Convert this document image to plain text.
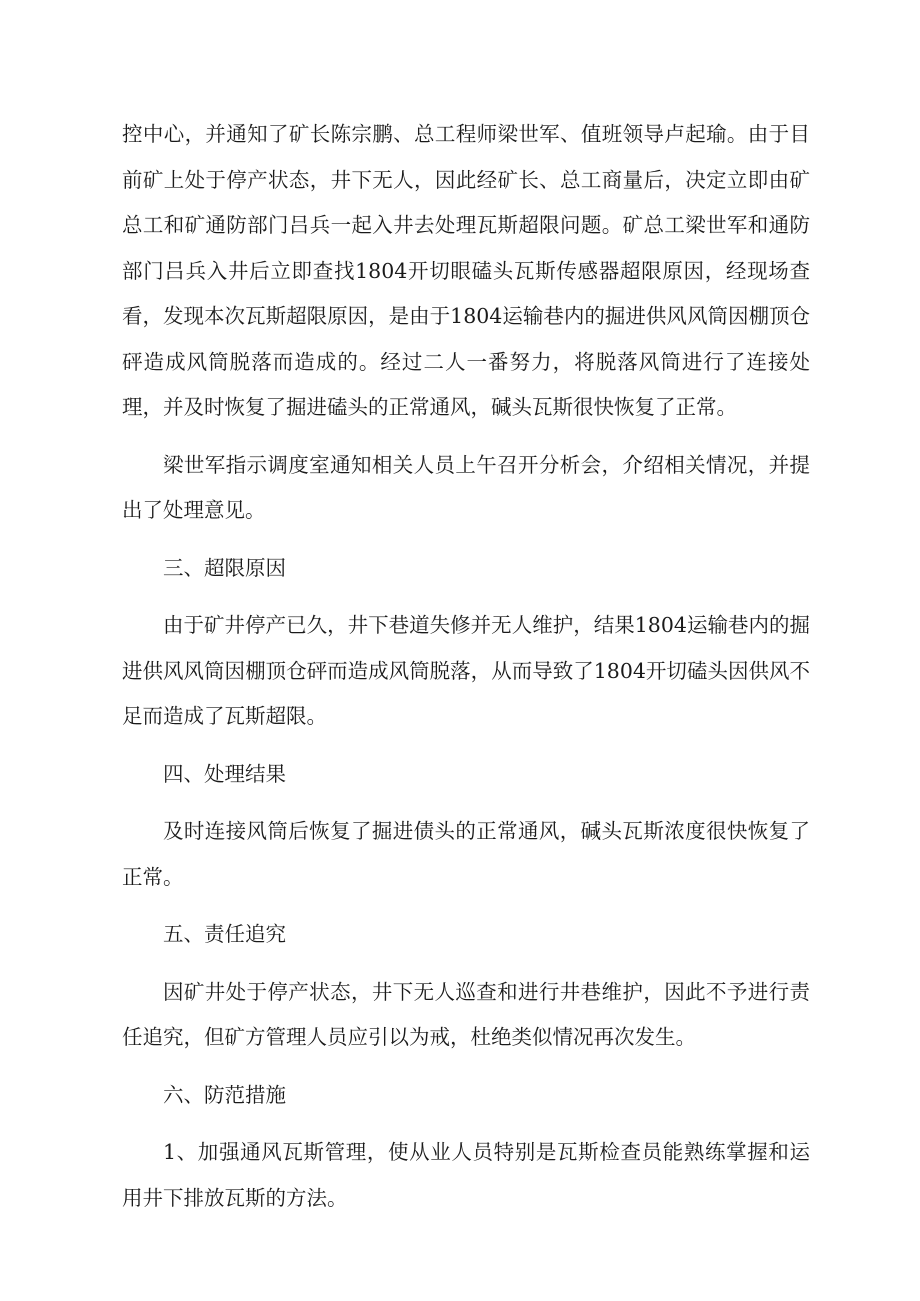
控中心，并通知了矿长陈宗鹏、总工程师梁世军、值班领导卢起瑜。由于目前矿上处于停产状态，井下无人，因此经矿长、总工商量后，决定立即由矿总工和矿通防部门吕兵一起入井去处理瓦斯超限问题。矿总工梁世军和通防部门吕兵入井后立即查找1804开切眼磕头瓦斯传感器超限原因，经现场查看，发现本次瓦斯超限原因，是由于1804运输巷内的掘进供风风筒因棚顶仓砰造成风筒脱落而造成的。经过二人一番努力，将脱落风筒进行了连接处理，并及时恢复了掘进磕头的正常通风，碱头瓦斯很快恢复了正常。

梁世军指示调度室通知相关人员上午召开分析会，介绍相关情况，并提出了处理意见。

三、超限原因

由于矿井停产已久，井下巷道失修并无人维护，结果1804运输巷内的掘进供风风筒因棚顶仓砰而造成风筒脱落，从而导致了1804开切磕头因供风不足而造成了瓦斯超限。

四、处理结果

及时连接风筒后恢复了掘进债头的正常通风，碱头瓦斯浓度很快恢复了正常。

五、责任追究

因矿井处于停产状态，井下无人巡查和进行井巷维护，因此不予进行责任追究，但矿方管理人员应引以为戒，杜绝类似情况再次发生。

六、防范措施

1、加强通风瓦斯管理，使从业人员特别是瓦斯检查员能熟练掌握和运用井下排放瓦斯的方法。
